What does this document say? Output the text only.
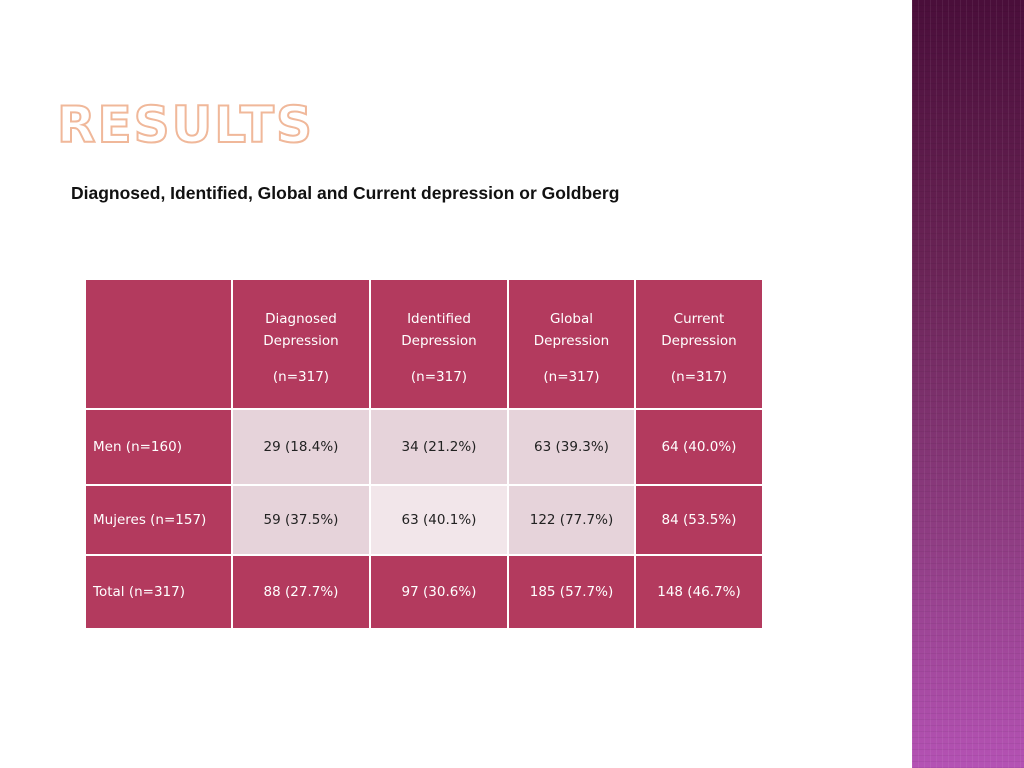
RESULTS
Diagnosed, Identified, Global and Current depression or Goldberg

	Diagnosed
Depression
(n=317)	Identified
Depression
(n=317)	Global
Depression
(n=317)	Current
Depression
(n=317)

Men (n=160)	29 (18.4%)	34 (21.2%)	63 (39.3%)	64 (40.0%)
Mujeres (n=157)	59 (37.5%)	63 (40.1%)	122 (77.7%)	84 (53.5%)
Total (n=317)	88 (27.7%)	97 (30.6%)	185 (57.7%)	148 (46.7%)
